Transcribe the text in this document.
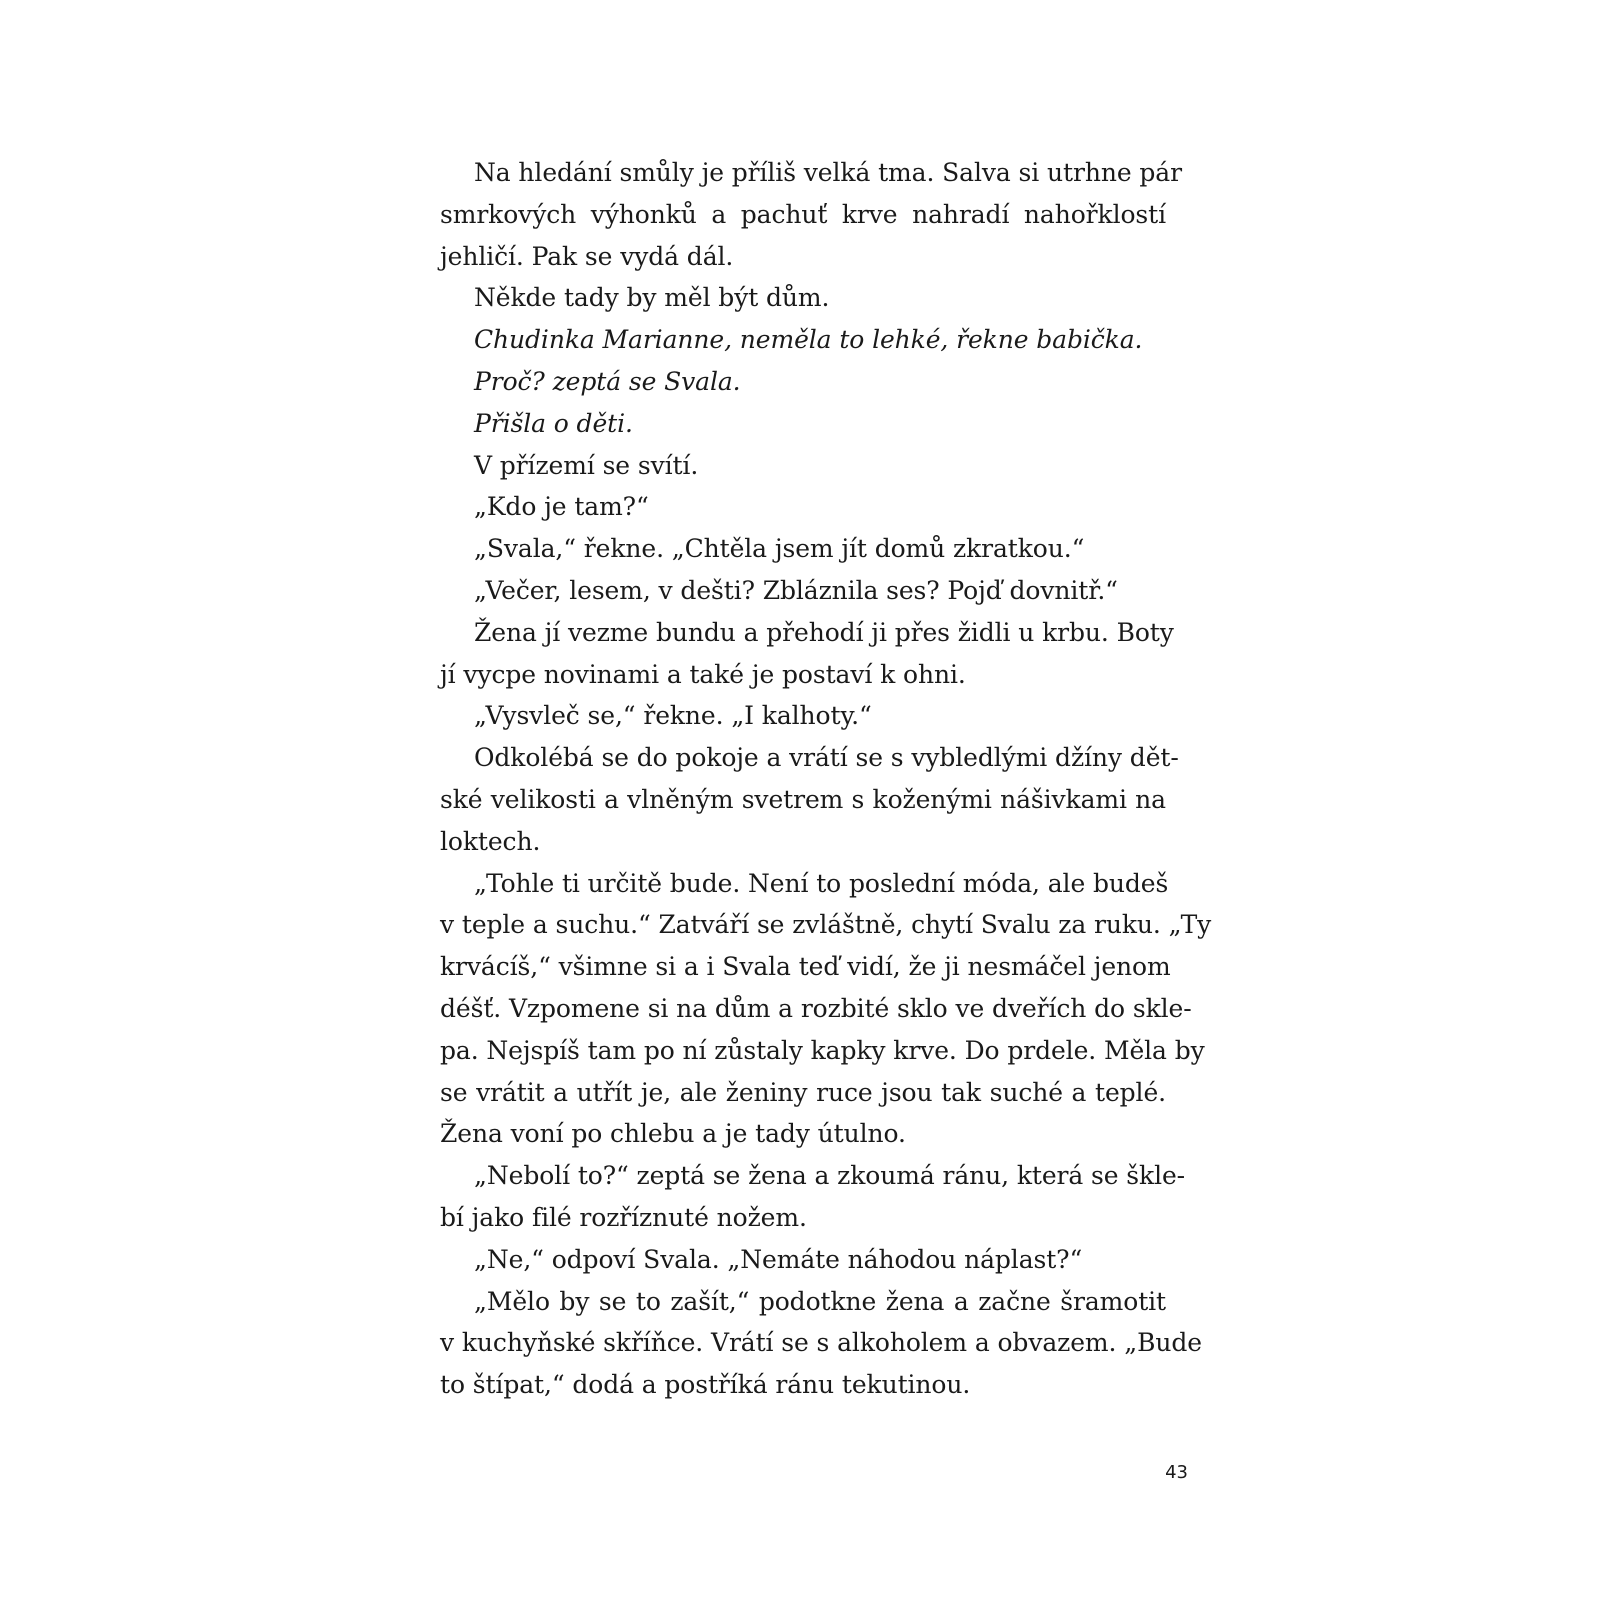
Na hledání smůly je příliš velká tma. Salva si utrhne pár
smrkových výhonků a pachuť krve nahradí nahořklostí
jehličí. Pak se vydá dál.
Někde tady by měl být dům.
Chudinka Marianne, neměla to lehké, řekne babička.
Proč? zeptá se Svala.
Přišla o děti.
V přízemí se svítí.
„Kdo je tam?“
„Svala,“ řekne. „Chtěla jsem jít domů zkratkou.“
„Večer, lesem, v dešti? Zbláznila ses? Pojď dovnitř.“
Žena jí vezme bundu a přehodí ji přes židli u krbu. Boty
jí vycpe novinami a také je postaví k ohni.
„Vysvleč se,“ řekne. „I kalhoty.“
Odkolébá se do pokoje a vrátí se s vybledlými džíny dět-
ské velikosti a vlněným svetrem s koženými nášivkami na
loktech.
„Tohle ti určitě bude. Není to poslední móda, ale budeš
v teple a suchu.“ Zatváří se zvláštně, chytí Svalu za ruku. „Ty
krvácíš,“ všimne si a i Svala teď vidí, že ji nesmáčel jenom
déšť. Vzpomene si na dům a rozbité sklo ve dveřích do skle-
pa. Nejspíš tam po ní zůstaly kapky krve. Do prdele. Měla by
se vrátit a utřít je, ale ženiny ruce jsou tak suché a teplé.
Žena voní po chlebu a je tady útulno.
„Nebolí to?“ zeptá se žena a zkoumá ránu, která se škle-
bí jako filé rozříznuté nožem.
„Ne,“ odpoví Svala. „Nemáte náhodou náplast?“
„Mělo by se to zašít,“ podotkne žena a začne šramotit
v kuchyňské skříňce. Vrátí se s alkoholem a obvazem. „Bude
to štípat,“ dodá a postříká ránu tekutinou.
43
